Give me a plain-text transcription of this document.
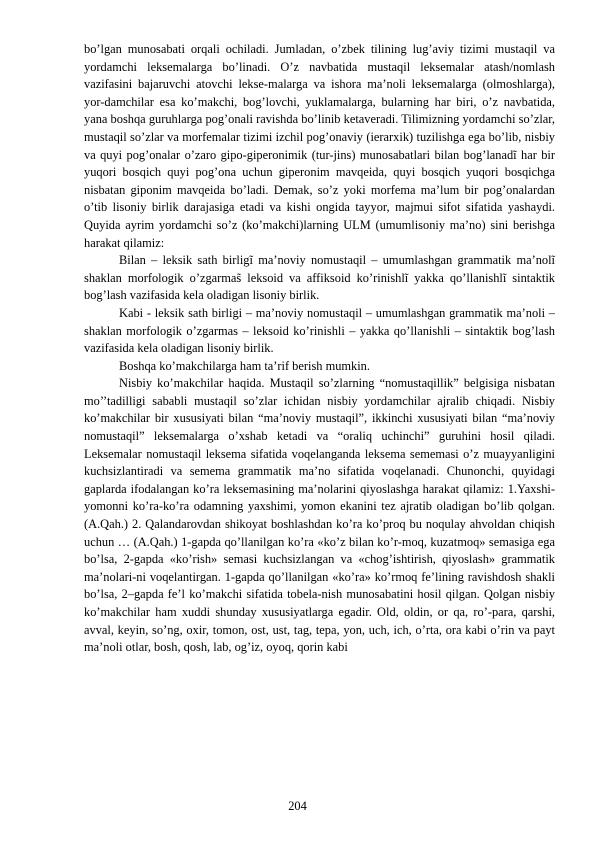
bo’lgan munosabati orqali ochiladi. Jumladan, o’zbek tilining lug’aviy tizimi mustaqil va yordamchi leksemalarga bo’linadi. O’z navbatida mustaqil leksemalar atash/nomlash vazifasini bajaruvchi atovchi lekse-malarga va ishora ma’noli leksemalarga (olmoshlarga), yor-damchilar esa ko’makchi, bog’lovchi, yuklamalarga, bularning har biri, o’z navbatida, yana boshqa guruhlarga pog’onali ravishda bo’linib ketaveradi. Tilimizning yordamchi so’zlar, mustaqil so’zlar va morfemalar tizimi izchil pog’onaviy (ierarxik) tuzilishga ega bo’lib, nisbiy va quyi pog’onalar o’zaro gipo-giperonimik (tur-jins) munosabatlari bilan bog’lanadĩ har bir yuqori bosqich quyi pog’ona uchun giperonim mavqeida, quyi bosqich yuqori bosqichga nisbatan giponim mavqeida bo’ladi. Demak, so’z yoki morfema ma’lum bir pog’onalardan o’tib lisoniy birlik darajasiga etadi va kishi ongida tayyor, majmui sifot sifatida yashaydi. Quyida ayrim yordamchi so’z (ko’makchi)larning ULM (umumlisoniy ma’no) sini berishga harakat qilamiz:

Bilan – leksik sath birligĩ ma’noviy nomustaqil – umumlashgan grammatik ma’nolĩ shaklan morfologik o’zgarmas̃ leksoid va affiksoid ko’rinishlĩ yakka qo’llanishlĩ sintaktik bog’lash vazifasida kela oladigan lisoniy birlik.

Kabi - leksik sath birligi – ma’noviy nomustaqil – umumlashgan grammatik ma’noli –shaklan morfologik o’zgarmas – leksoid ko’rinishli – yakka qo’llanishli – sintaktik bog’lash vazifasida kela oladigan lisoniy birlik.

Boshqa ko’makchilarga ham ta’rif berish mumkin.

Nisbiy ko’makchilar haqida. Mustaqil so’zlarning “nomustaqillik” belgisiga nisbatan mo’’tadilligi sababli mustaqil so’zlar ichidan nisbiy yordamchilar ajralib chiqadi. Nisbiy ko’makchilar bir xususiyati bilan “ma’noviy mustaqil”, ikkinchi xususiyati bilan “ma’noviy nomustaqil” leksemalarga o’xshab ketadi va “oraliq uchinchi” guruhini hosil qiladi. Leksemalar nomustaqil leksema sifatida voqelanganda leksema sememasi o’z muayyanligini kuchsizlantiradi va semema grammatik ma’no sifatida voqelanadi. Chunonchi, quyidagi gaplarda ifodalangan ko’ra leksemasining ma’nolarini qiyoslashga harakat qilamiz: 1.Yaxshi-yomonni ko’ra-ko’ra odamning yaxshimi, yomon ekanini tez ajratib oladigan bo’lib qolgan. (A.Qah.) 2. Qalandarovdan shikoyat boshlashdan ko’ra ko’proq bu noqulay ahvoldan chiqish uchun … (A.Qah.) 1-gapda qo’llanilgan ko’ra «ko’z bilan ko’r-moq, kuzatmoq» semasiga ega bo’lsa, 2-gapda «ko’rish» semasi kuchsizlangan va «chog’ishtirish, qiyoslash» grammatik ma’nolari-ni voqelantirgan. 1-gapda qo’llanilgan «ko’ra» ko’rmoq fe’lining ravishdosh shakli bo’lsa, 2–gapda fe’l ko’makchi sifatida tobela-nish munosabatini hosil qilgan. Qolgan nisbiy ko’makchilar ham xuddi shunday xususiyatlarga egadir. Old, oldin, or qa, ro’-para, qarshi, avval, keyin, so’ng, oxir, tomon, ost, ust, tag, tepa, yon, uch, ich, o’rta, ora kabi o’rin va payt ma’noli otlar, bosh, qosh, lab, og’iz, oyoq, qorin kabi

204
